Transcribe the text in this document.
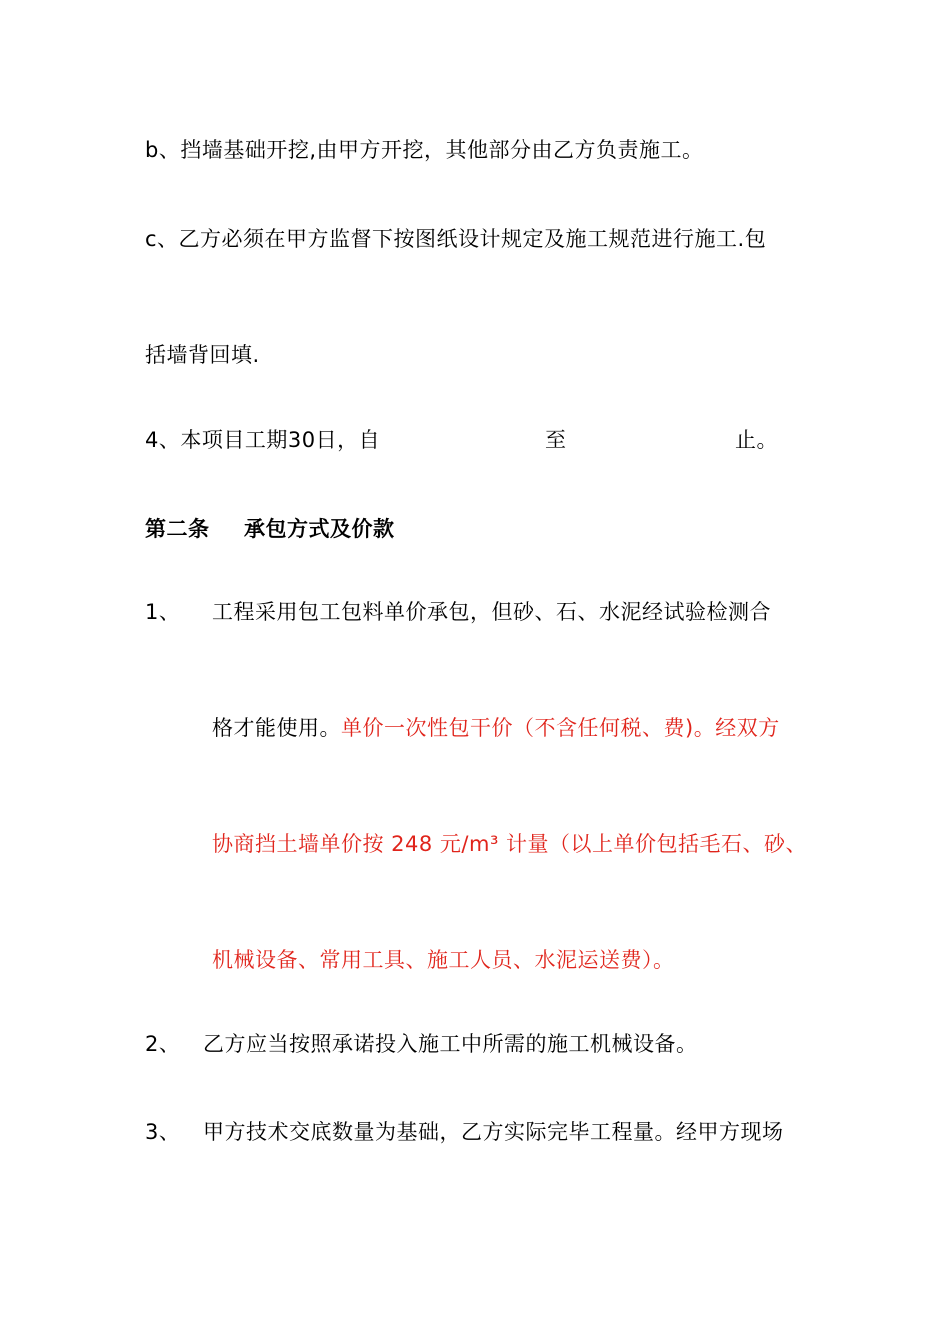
b、挡墙基础开挖,由甲方开挖，其他部分由乙方负责施工。
c、乙方必须在甲方监督下按图纸设计规定及施工规范进行施工.包
括墙背回填.
4、本项目工期30日，自	至	止。
第二条 承包方式及价款
1、 工程采用包工包料单价承包，但砂、石、水泥经试验检测合
格才能使用。单价一次性包干价（不含任何税、费)。经双方
协商挡土墙单价按 248 元/m³ 计量（以上单价包括毛石、砂、
机械设备、常用工具、施工人员、水泥运送费）。
2、 乙方应当按照承诺投入施工中所需的施工机械设备。
3、 甲方技术交底数量为基础，乙方实际完毕工程量。经甲方现场
